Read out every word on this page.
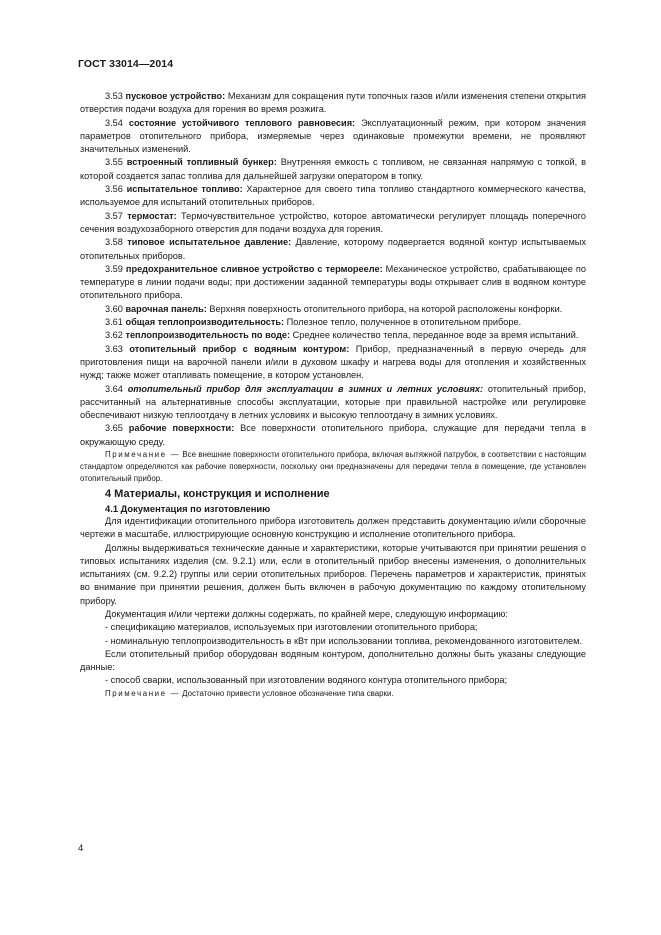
ГОСТ 33014—2014

3.53 пусковое устройство: Механизм для сокращения пути топочных газов и/или изменения степени открытия отверстия подачи воздуха для горения во время розжига.

3.54 состояние устойчивого теплового равновесия: Эксплуатационный режим, при котором значения параметров отопительного прибора, измеряемые через одинаковые промежутки времени, не проявляют значительных изменений.

3.55 встроенный топливный бункер: Внутренняя емкость с топливом, не связанная напрямую с топкой, в которой создается запас топлива для дальнейшей загрузки оператором в топку.

3.56 испытательное топливо: Характерное для своего типа топливо стандартного коммерческого качества, используемое для испытаний отопительных приборов.

3.57 термостат: Термочувствительное устройство, которое автоматически регулирует площадь поперечного сечения воздухозаборного отверстия для подачи воздуха для горения.

3.58 типовое испытательное давление: Давление, которому подвергается водяной контур испытываемых отопительных приборов.

3.59 предохранительное сливное устройство с терморееле: Механическое устройство, срабатывающее по температуре в линии подачи воды; при достижении заданной температуры воды открывает слив в водяном контуре отопительного прибора.

3.60 варочная панель: Верхняя поверхность отопительного прибора, на которой расположены конфорки.

3.61 общая теплопроизводительность: Полезное тепло, полученное в отопительном приборе.

3.62 теплопроизводительность по воде: Среднее количество тепла, переданное воде за время испытаний.

3.63 отопительный прибор с водяным контуром: Прибор, предназначенный в первую очередь для приготовления пищи на варочной панели и/или в духовом шкафу и нагрева воды для отопления и хозяйственных нужд; также может отапливать помещение, в котором установлен.

3.64 отопительный прибор для эксплуатации в зимних и летних условиях: отопительный прибор, рассчитанный на альтернативные способы эксплуатации, которые при правильной настройке или регулировке обеспечивают низкую теплоотдачу в летних условиях и высокую теплоотдачу в зимних условиях.

3.65 рабочие поверхности: Все поверхности отопительного прибора, служащие для передачи тепла в окружающую среду.

Примечание — Все внешние поверхности отопительного прибора, включая вытяжной патрубок, в соответствии с настоящим стандартом определяются как рабочие поверхности, поскольку они предназначены для передачи тепла в помещение, где установлен отопительный прибор.

4 Материалы, конструкция и исполнение

4.1 Документация по изготовлению

Для идентификации отопительного прибора изготовитель должен представить документацию и/или сборочные чертежи в масштабе, иллюстрирующие основную конструкцию и исполнение отопительного прибора.

Должны выдерживаться технические данные и характеристики, которые учитываются при принятии решения о типовых испытаниях изделия (см. 9.2.1) или, если в отопительный прибор внесены изменения, о дополнительных испытаниях (см. 9.2.2) группы или серии отопительных приборов. Перечень параметров и характеристик, принятых во внимание при принятии решения, должен быть включен в рабочую документацию по каждому отопительному прибору.

Документация и/или чертежи должны содержать, по крайней мере, следующую информацию:

- спецификацию материалов, используемых при изготовлении отопительного прибора;

- номинальную теплопроизводительность в кВт при использовании топлива, рекомендованного изготовителем.

Если отопительный прибор оборудован водяным контуром, дополнительно должны быть указаны следующие данные:

- способ сварки, использованный при изготовлении водяного контура отопительного прибора;

Примечание — Достаточно привести условное обозначение типа сварки.

4
